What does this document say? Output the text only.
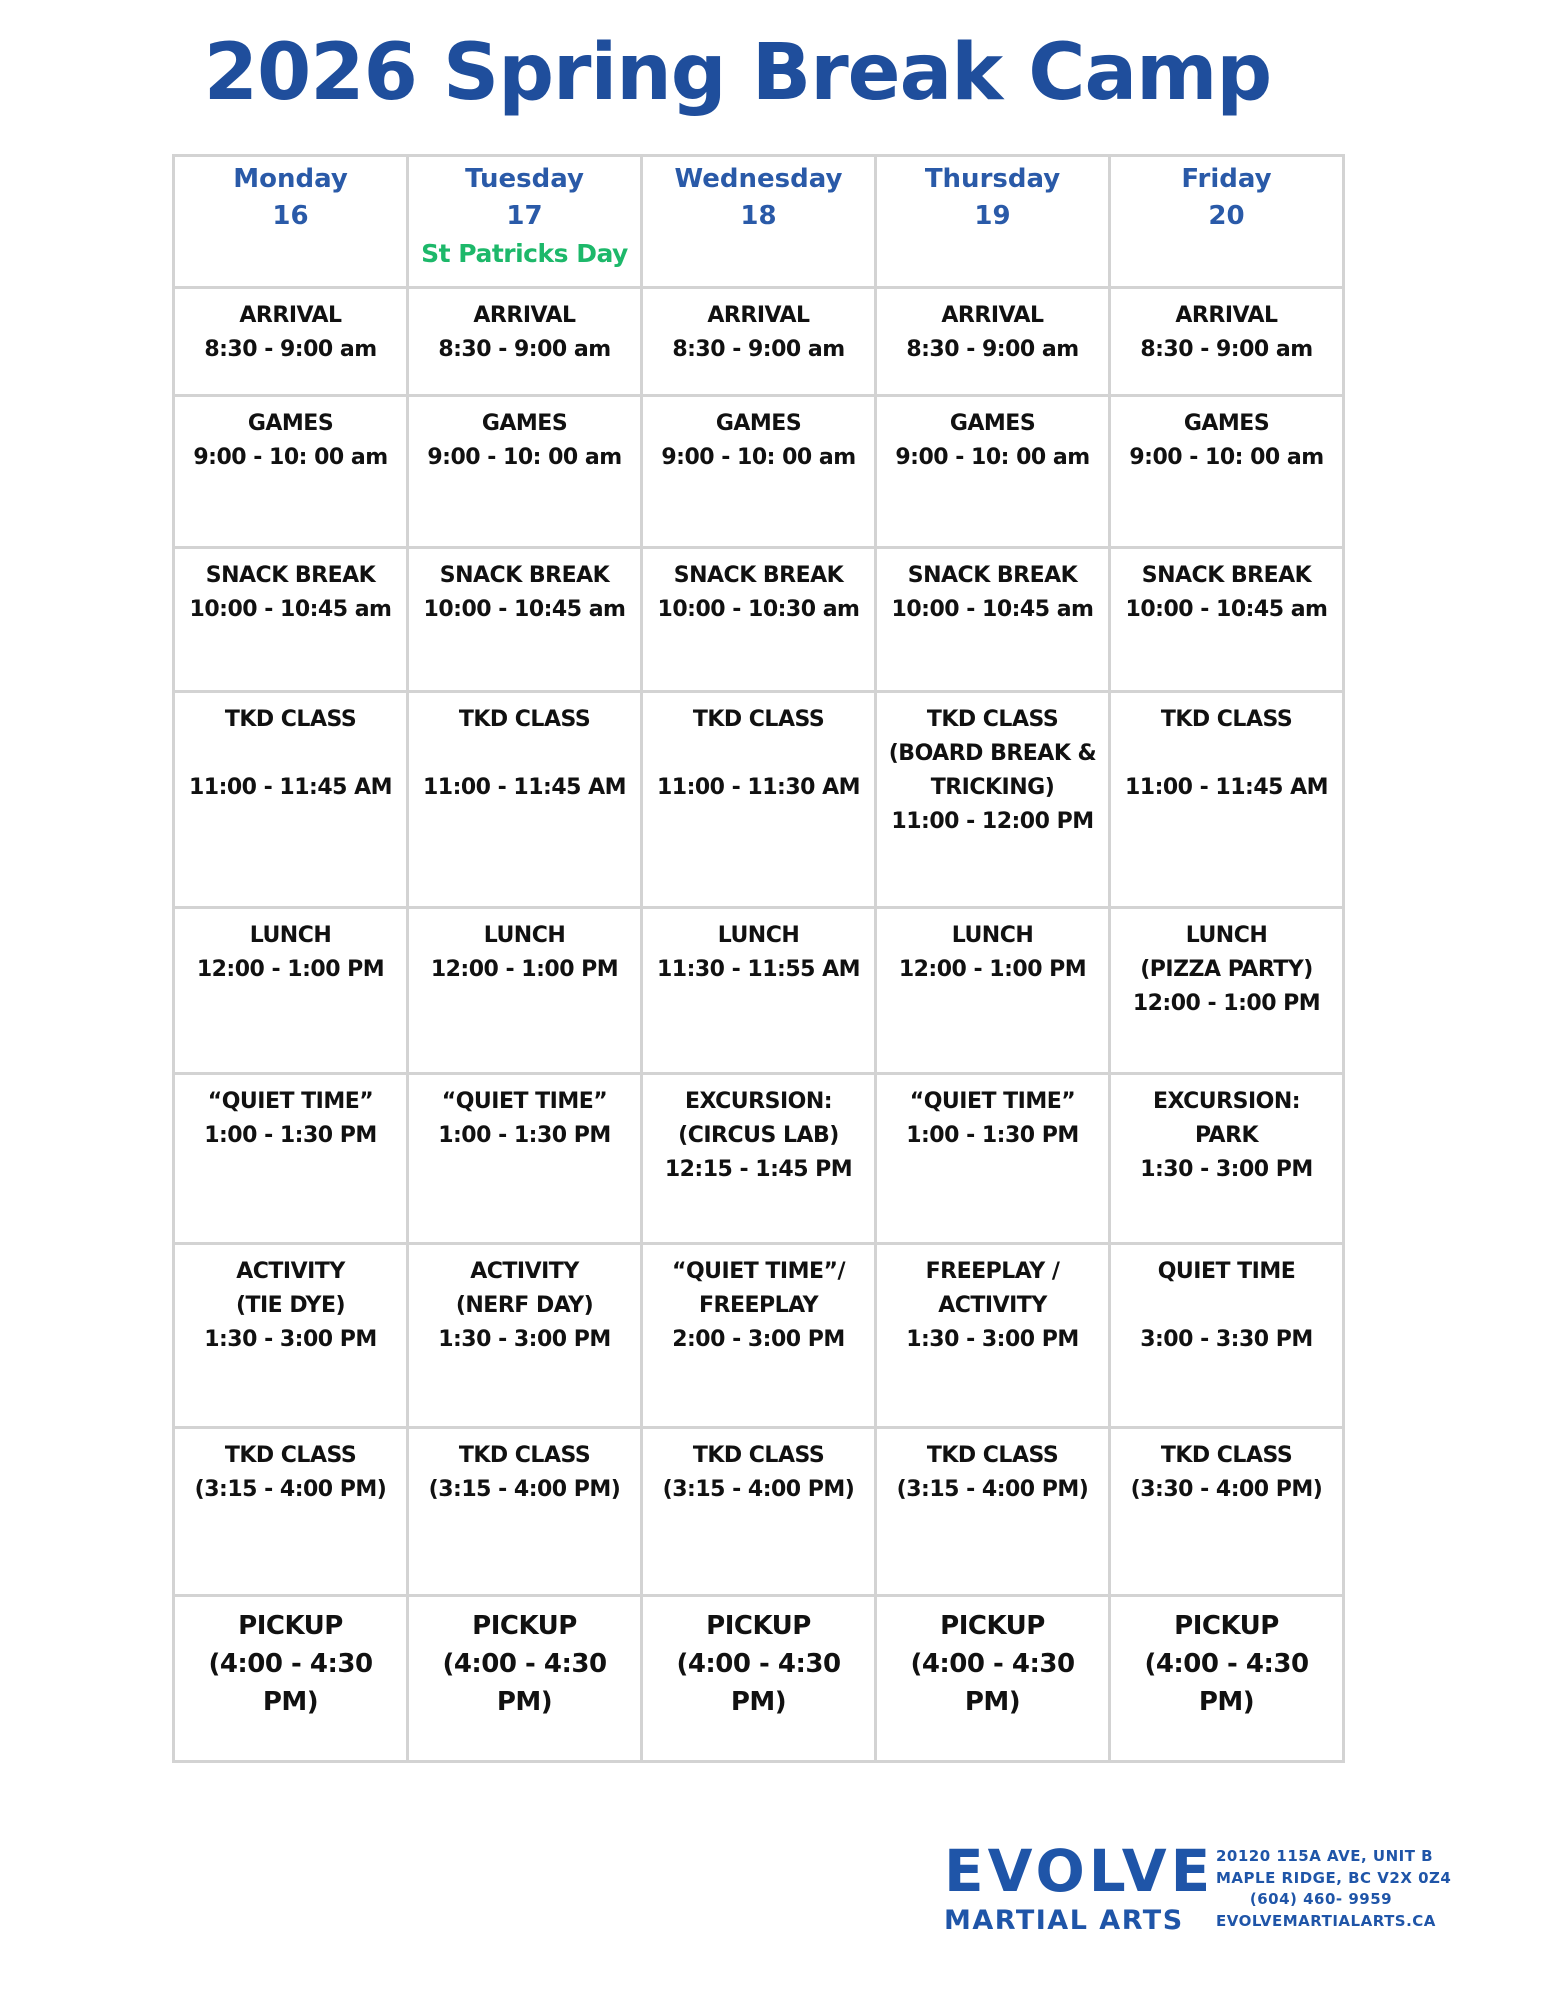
2026 Spring Break Camp
Monday
16	Tuesday
17
St Patricks Day	Wednesday
18	Thursday
19	Friday
20

ARRIVAL
8:30 - 9:00 am	ARRIVAL
8:30 - 9:00 am	ARRIVAL
8:30 - 9:00 am	ARRIVAL
8:30 - 9:00 am	ARRIVAL
8:30 - 9:00 am

GAMES
9:00 - 10: 00 am	GAMES
9:00 - 10: 00 am	GAMES
9:00 - 10: 00 am	GAMES
9:00 - 10: 00 am	GAMES
9:00 - 10: 00 am

SNACK BREAK
10:00 - 10:45 am	SNACK BREAK
10:00 - 10:45 am	SNACK BREAK
10:00 - 10:30 am	SNACK BREAK
10:00 - 10:45 am	SNACK BREAK
10:00 - 10:45 am

TKD CLASS
11:00 - 11:45 AM	TKD CLASS
11:00 - 11:45 AM	TKD CLASS
11:00 - 11:30 AM	TKD CLASS
(BOARD BREAK &
TRICKING)
11:00 - 12:00 PM	TKD CLASS
11:00 - 11:45 AM

LUNCH
12:00 - 1:00 PM	LUNCH
12:00 - 1:00 PM	LUNCH
11:30 - 11:55 AM	LUNCH
12:00 - 1:00 PM	LUNCH
(PIZZA PARTY)
12:00 - 1:00 PM

“QUIET TIME”
1:00 - 1:30 PM	“QUIET TIME”
1:00 - 1:30 PM	EXCURSION:
(CIRCUS LAB)
12:15 - 1:45 PM	“QUIET TIME”
1:00 - 1:30 PM	EXCURSION:
PARK
1:30 - 3:00 PM

ACTIVITY
(TIE DYE)
1:30 - 3:00 PM	ACTIVITY
(NERF DAY)
1:30 - 3:00 PM	“QUIET TIME”/
FREEPLAY
2:00 - 3:00 PM	FREEPLAY /
ACTIVITY
1:30 - 3:00 PM	QUIET TIME
3:00 - 3:30 PM

TKD CLASS
(3:15 - 4:00 PM)	TKD CLASS
(3:15 - 4:00 PM)	TKD CLASS
(3:15 - 4:00 PM)	TKD CLASS
(3:15 - 4:00 PM)	TKD CLASS
(3:30 - 4:00 PM)

PICKUP
(4:00 - 4:30
PM)	PICKUP
(4:00 - 4:30
PM)	PICKUP
(4:00 - 4:30
PM)	PICKUP
(4:00 - 4:30
PM)	PICKUP
(4:00 - 4:30
PM)
EVOLVE
MARTIAL ARTS
20120 115A AVE, UNIT B
MAPLE RIDGE, BC V2X 0Z4
(604) 460- 9959
EVOLVEMARTIALARTS.CA
